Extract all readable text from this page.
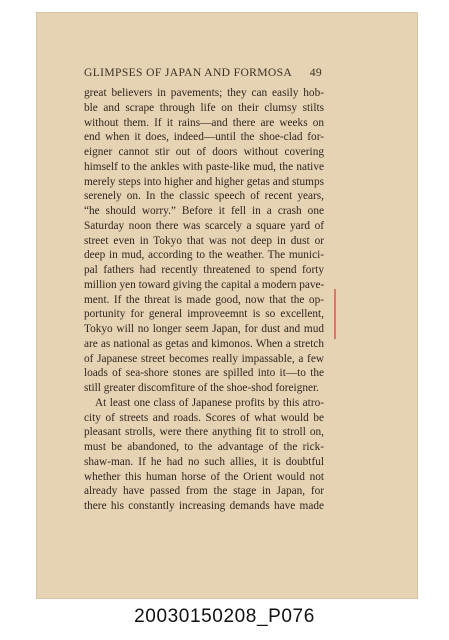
GLIMPSES OF JAPAN AND FORMOSA 49
great believers in pavements; they can easily hob-
ble and scrape through life on their clumsy stilts
without them. If it rains—and there are weeks on
end when it does, indeed—until the shoe-clad for-
eigner cannot stir out of doors without covering
himself to the ankles with paste-like mud, the native
merely steps into higher and higher getas and stumps
serenely on. In the classic speech of recent years,
“he should worry.” Before it fell in a crash one
Saturday noon there was scarcely a square yard of
street even in Tokyo that was not deep in dust or
deep in mud, according to the weather. The munici-
pal fathers had recently threatened to spend forty
million yen toward giving the capital a modern pave-
ment. If the threat is made good, now that the op-
portunity for general improveemnt is so excellent,
Tokyo will no longer seem Japan, for dust and mud
are as national as getas and kimonos. When a stretch
of Japanese street becomes really impassable, a few
loads of sea-shore stones are spilled into it—to the
still greater discomfiture of the shoe-shod foreigner.
At least one class of Japanese profits by this atro-
city of streets and roads. Scores of what would be
pleasant strolls, were there anything fit to stroll on,
must be abandoned, to the advantage of the rick-
shaw-man. If he had no such allies, it is doubtful
whether this human horse of the Orient would not
already have passed from the stage in Japan, for
there his constantly increasing demands have made

20030150208_P076
